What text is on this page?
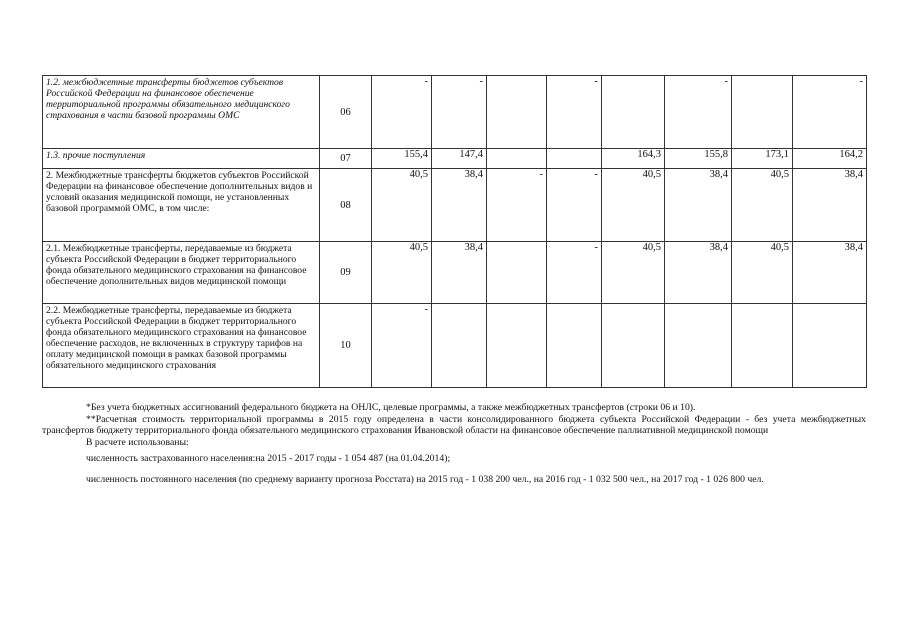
1.2. межбюджетные трансферты бюджетов субъектов Российской Федерации на финансовое обеспечение территориальной программы обязательного медицинского страхования в части базовой программы ОМС	06	-	-		-		-		-
1.3. прочие поступления	07	155,4	147,4			164,3	155,8	173,1	164,2
2. Межбюджетные трансферты бюджетов субъектов Российской Федерации на финансовое обеспечение дополнительных видов и условий оказания медицинской помощи, не установленных базовой программой ОМС, в том числе:	08	40,5	38,4	-	-	40,5	38,4	40,5	38,4
2.1. Межбюджетные трансферты, передаваемые из бюджета субъекта Российской Федерации в бюджет территориального фонда обязательного медицинского страхования на финансовое обеспечение дополнительных видов медицинской помощи	09	40,5	38,4		-	40,5	38,4	40,5	38,4
2.2. Межбюджетные трансферты, передаваемые из бюджета субъекта Российской Федерации в бюджет территориального фонда обязательного медицинского страхования на финансовое обеспечение расходов, не включенных в структуру тарифов на оплату медицинской помощи в рамках базовой программы обязательного медицинского страхования	10	-							

*Без учета бюджетных ассигнований федерального бюджета на ОНЛС, целевые программы, а также межбюджетных трансфертов (строки 06 и 10).

**Расчетная стоимость территориальной программы в 2015 году определена в части консолидированного бюджета субъекта Российской Федерации - без учета межбюджетных трансфертов бюджету территориального фонда обязательного медицинского страхования Ивановской области на финансовое обеспечение паллиативной медицинской помощи

В расчете использованы:

численность застрахованного населения:на 2015 - 2017 годы - 1 054 487 (на 01.04.2014);

численность постоянного населения (по среднему варианту прогноза Росстата) на 2015 год - 1 038 200 чел., на 2016 год - 1 032 500 чел., на 2017 год - 1 026 800 чел.
